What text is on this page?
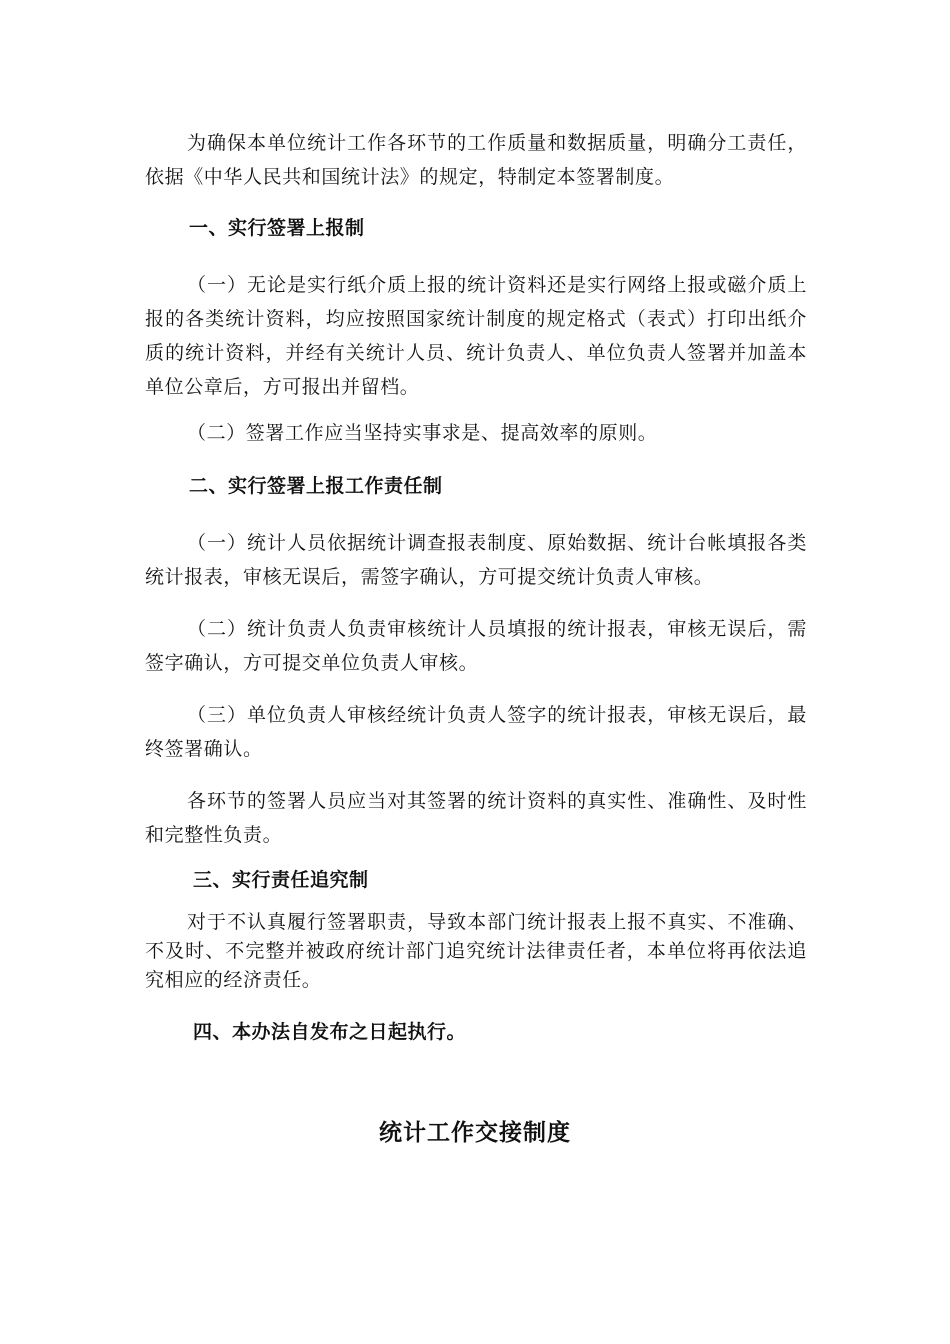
为确保本单位统计工作各环节的工作质量和数据质量，明确分工责任，依据《中华人民共和国统计法》的规定，特制定本签署制度。

一、实行签署上报制

（一）无论是实行纸介质上报的统计资料还是实行网络上报或磁介质上报的各类统计资料，均应按照国家统计制度的规定格式（表式）打印出纸介质的统计资料，并经有关统计人员、统计负责人、单位负责人签署并加盖本单位公章后，方可报出并留档。

（二）签署工作应当坚持实事求是、提高效率的原则。

二、实行签署上报工作责任制

（一）统计人员依据统计调查报表制度、原始数据、统计台帐填报各类统计报表，审核无误后，需签字确认，方可提交统计负责人审核。

（二）统计负责人负责审核统计人员填报的统计报表，审核无误后，需签字确认，方可提交单位负责人审核。

（三）单位负责人审核经统计负责人签字的统计报表，审核无误后，最终签署确认。

各环节的签署人员应当对其签署的统计资料的真实性、准确性、及时性和完整性负责。

三、实行责任追究制

对于不认真履行签署职责，导致本部门统计报表上报不真实、不准确、不及时、不完整并被政府统计部门追究统计法律责任者，本单位将再依法追究相应的经济责任。

四、本办法自发布之日起执行。
统计工作交接制度
